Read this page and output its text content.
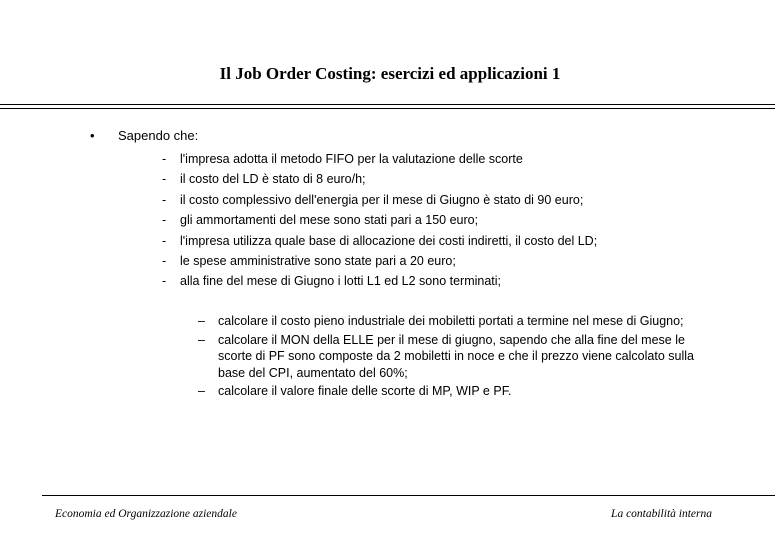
Il Job Order Costing: esercizi ed applicazioni 1
• Sapendo che:
- l'impresa adotta il metodo FIFO per la valutazione delle scorte
- il costo del LD è stato di 8 euro/h;
- il costo complessivo dell'energia per il mese di Giugno è stato di 90 euro;
- gli ammortamenti del mese sono stati pari a 150 euro;
- l'impresa utilizza quale base di allocazione dei costi indiretti, il costo del LD;
- le spese amministrative sono state pari a 20 euro;
- alla fine del mese di Giugno i lotti L1 ed L2 sono terminati;
– calcolare il costo pieno industriale dei mobiletti portati a termine nel mese di Giugno;
– calcolare il MON della ELLE per il mese di giugno, sapendo che alla fine del mese le scorte di PF sono composte da 2 mobiletti in noce e che il prezzo viene calcolato sulla base del CPI, aumentato del 60%;
– calcolare il valore finale delle scorte di MP, WIP e PF.
Economia ed Organizzazione aziendale	La contabilità interna
